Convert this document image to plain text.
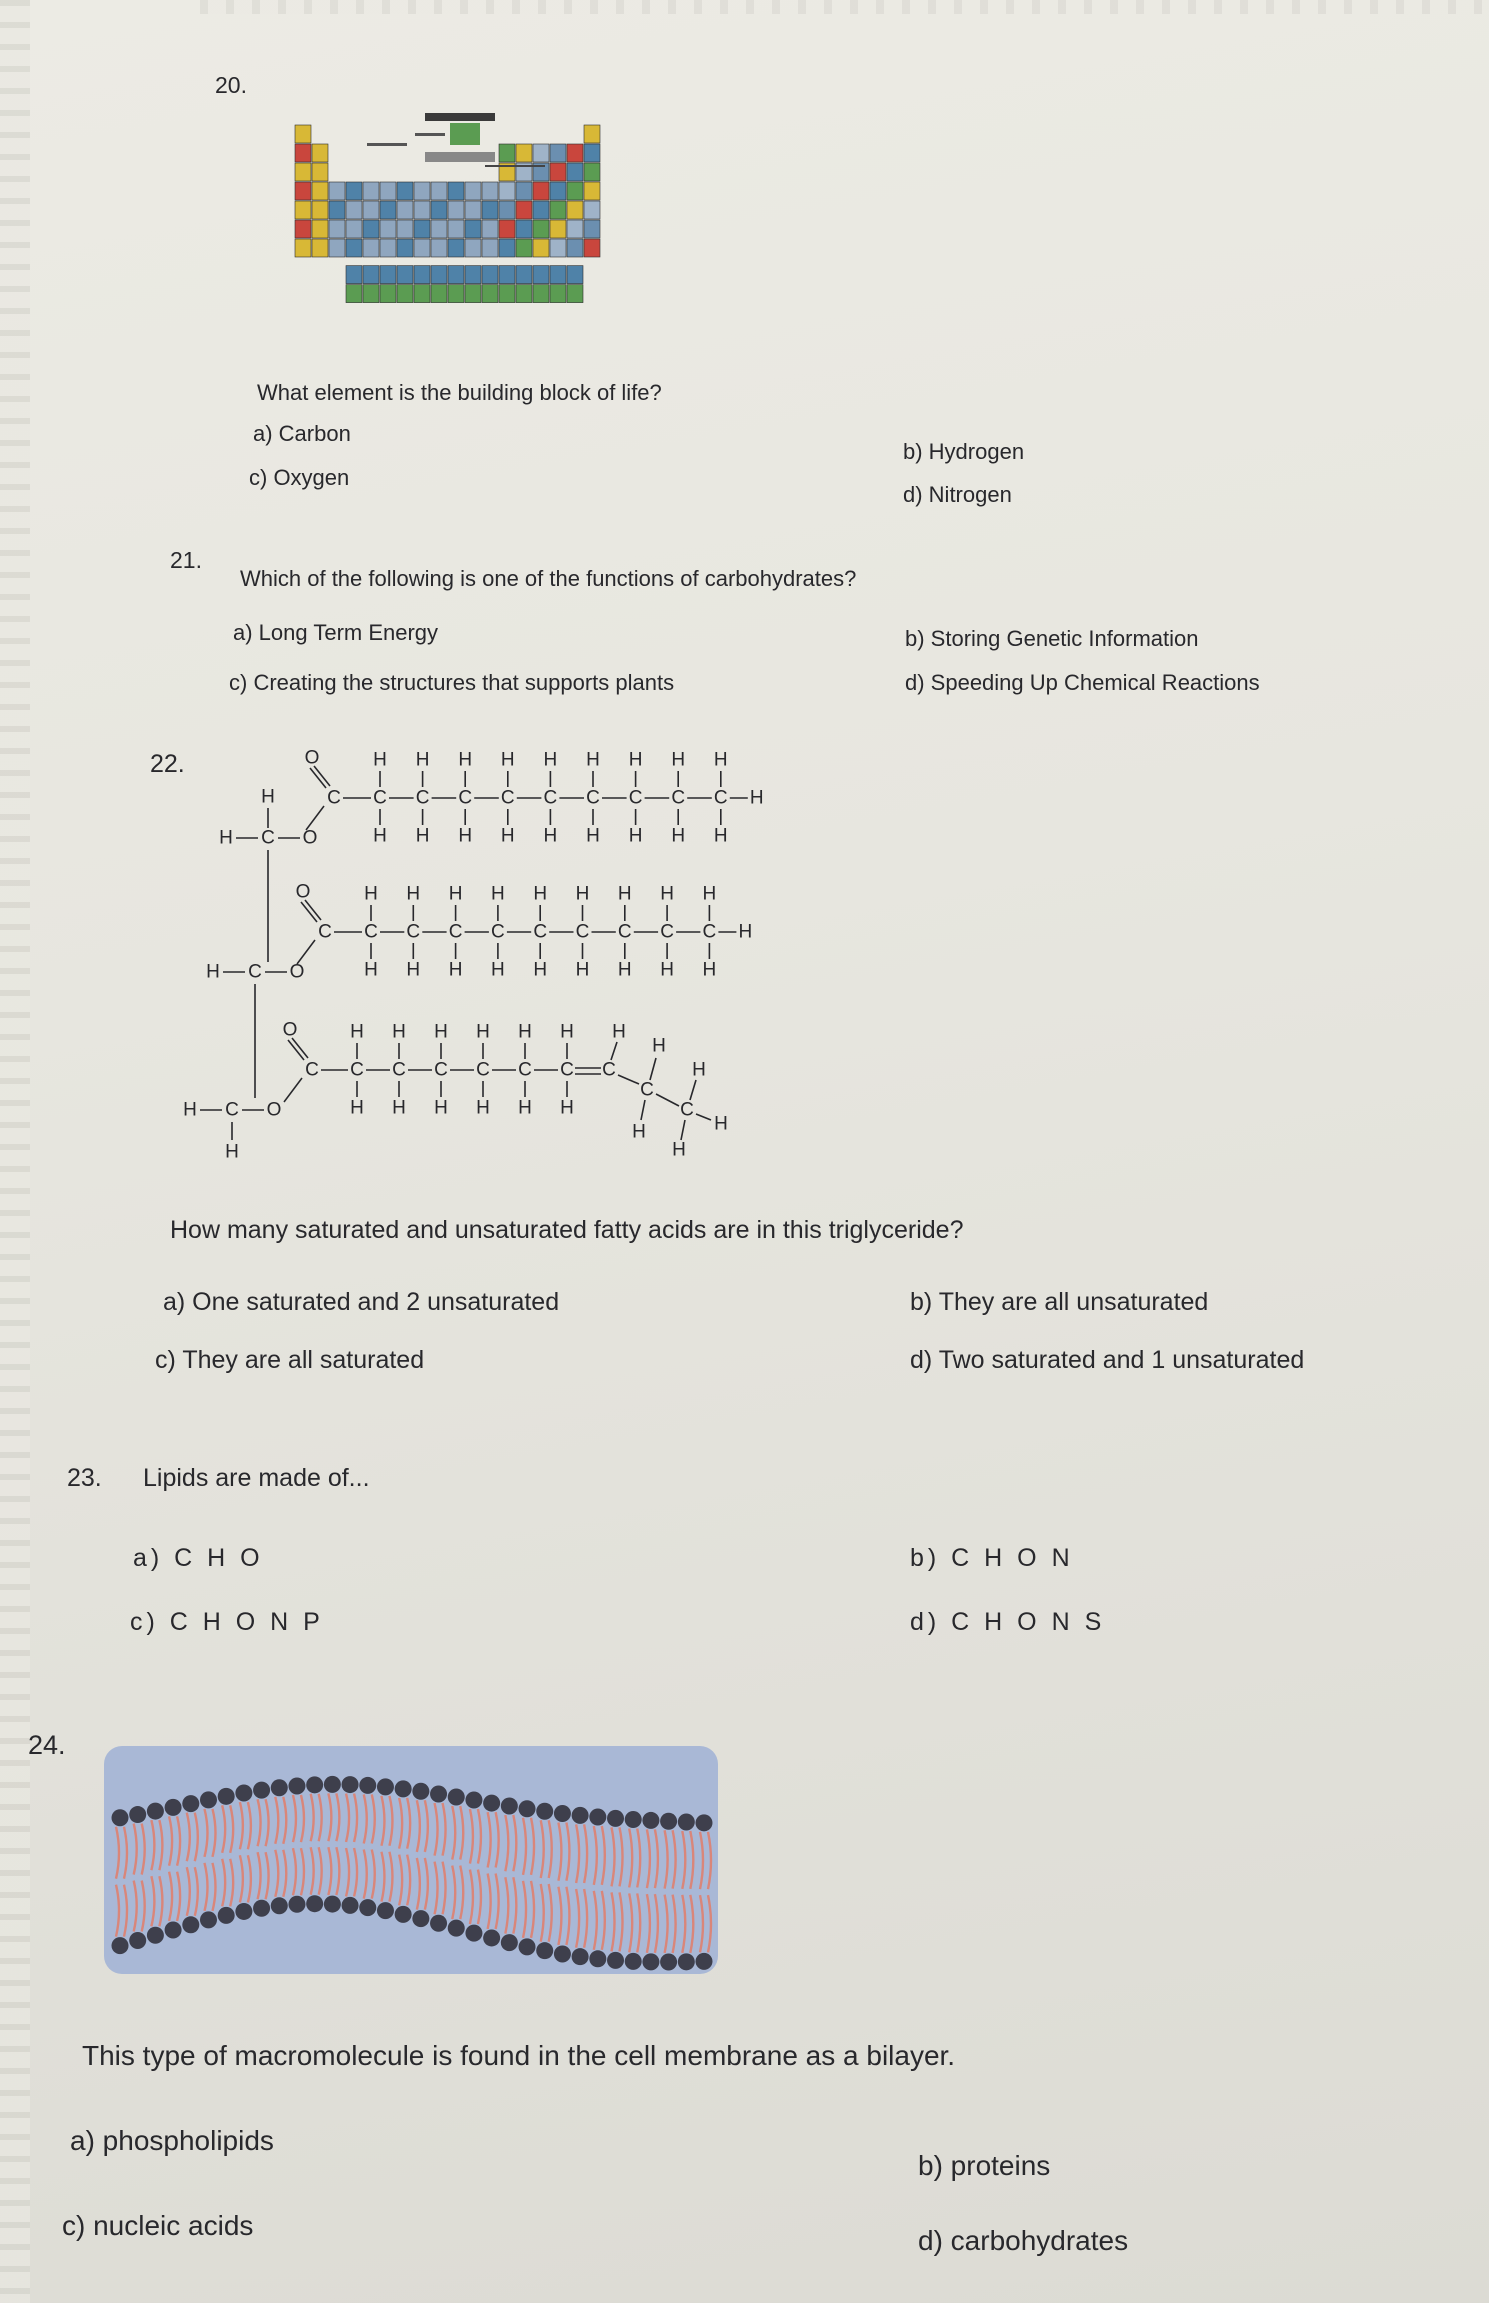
20.
What element is the building block of life?
a) Carbon
b) Hydrogen
c) Oxygen
d) Nitrogen
21.
Which of the following is one of the functions of carbohydrates?
a) Long Term Energy	b) Storing Genetic Information
c) Creating the structures that supports plants	d) Speeding Up Chemical Reactions
22.
H
C
H	O
O
C C
H
H
C
H
H
C
H
H
C
H
H
C
H
H
C
H
H
C
H
H
C
H
H
C
H
H
H
C
H	O
O
C C
H
H
C
H
H
C
H
H
C
H
H
C
H
H
C
H
H
C
H
H
C
H
H
C
H
H
H
C
H	O
H
O
C C
H
H
C
H
H
C
H
H
C
H
H
C
H
H
C
H
H
C
H
C
H
H
C
H
H
H
How many saturated and unsaturated fatty acids are in this triglyceride?
a) One saturated and 2 unsaturated	b) They are all unsaturated
c) They are all saturated	d) Two saturated and 1 unsaturated
23. Lipids are made of...
a) C H O	b) C H O N
c) C H O N P	d) C H O N S
24.
This type of macromolecule is found in the cell membrane as a bilayer.
a) phospholipids
b) proteins
c) nucleic acids	d) carbohydrates
